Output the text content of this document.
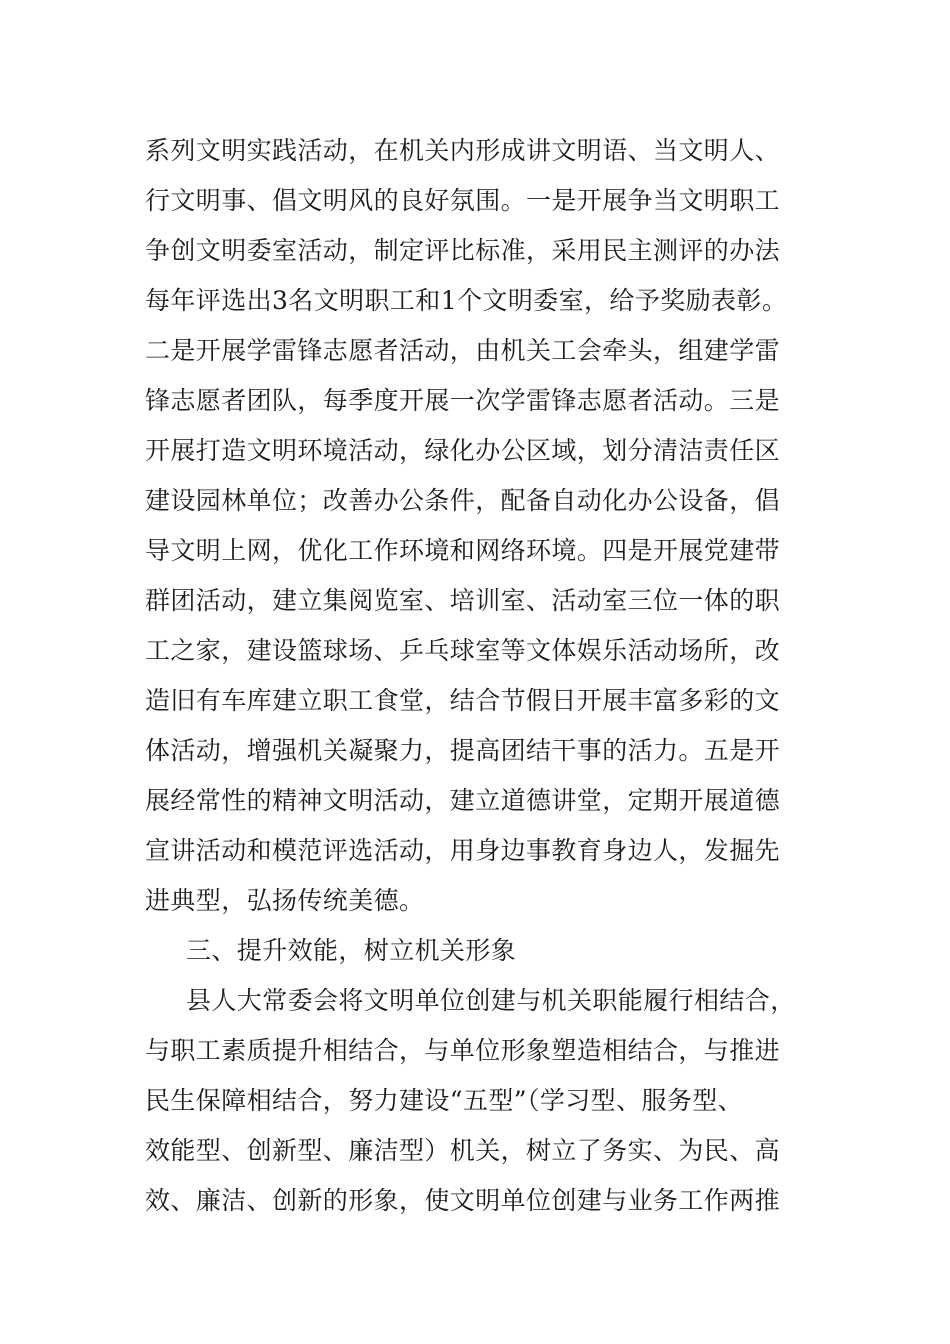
系列文明实践活动，在机关内形成讲文明语、当文明人、
行文明事、倡文明风的良好氛围。一是开展争当文明职工
争创文明委室活动，制定评比标准，采用民主测评的办法
每年评选出3名文明职工和1个文明委室，给予奖励表彰。
二是开展学雷锋志愿者活动，由机关工会牵头，组建学雷
锋志愿者团队，每季度开展一次学雷锋志愿者活动。三是
开展打造文明环境活动，绿化办公区域，划分清洁责任区
建设园林单位；改善办公条件，配备自动化办公设备，倡
导文明上网，优化工作环境和网络环境。四是开展党建带
群团活动，建立集阅览室、培训室、活动室三位一体的职
工之家，建设篮球场、乒乓球室等文体娱乐活动场所，改
造旧有车库建立职工食堂，结合节假日开展丰富多彩的文
体活动，增强机关凝聚力，提高团结干事的活力。五是开
展经常性的精神文明活动，建立道德讲堂，定期开展道德
宣讲活动和模范评选活动，用身边事教育身边人，发掘先
进典型，弘扬传统美德。
三、提升效能，树立机关形象
县人大常委会将文明单位创建与机关职能履行相结合，
与职工素质提升相结合，与单位形象塑造相结合，与推进
民生保障相结合，努力建设“五型”（学习型、服务型、
效能型、创新型、廉洁型）机关，树立了务实、为民、高
效、廉洁、创新的形象，使文明单位创建与业务工作两推
